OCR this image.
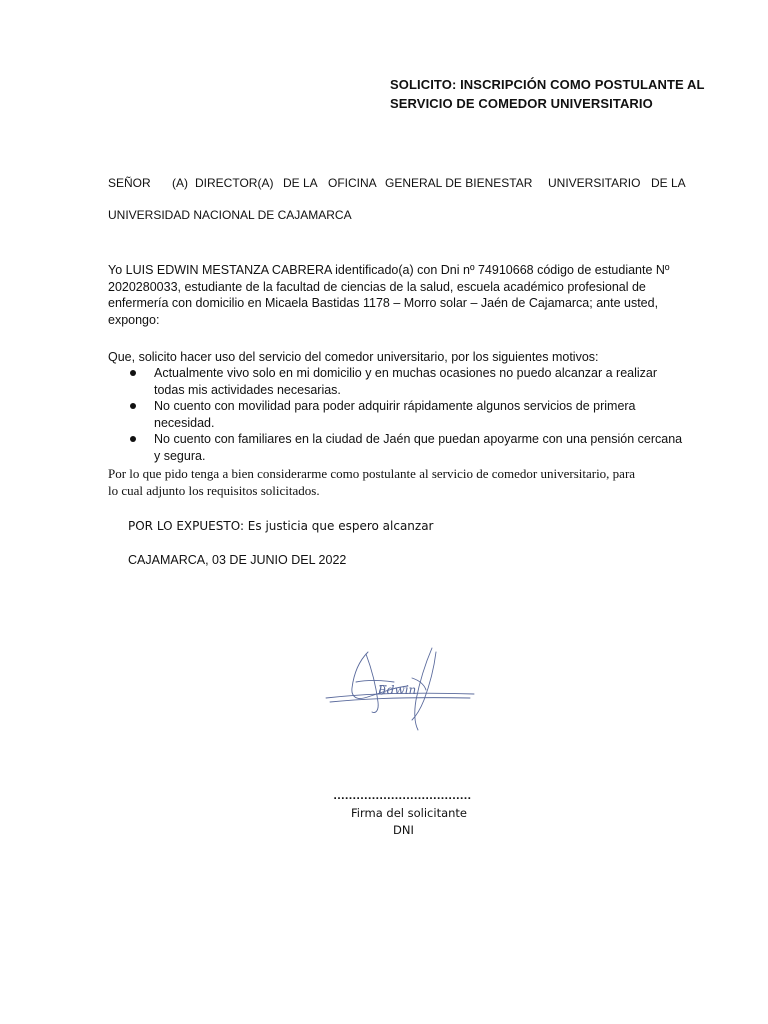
SOLICITO: INSCRIPCIÓN COMO POSTULANTE AL
SERVICIO DE COMEDOR UNIVERSITARIO
SEÑOR (A) DIRECTOR(A) DE LA OFICINA GENERAL DE BIENESTAR UNIVERSITARIO DE LA
UNIVERSIDAD NACIONAL DE CAJAMARCA
Yo LUIS EDWIN MESTANZA CABRERA identificado(a) con Dni nº 74910668 código de estudiante Nº
2020280033, estudiante de la facultad de ciencias de la salud, escuela académico profesional de
enfermería con domicilio en Micaela Bastidas 1178 – Morro solar – Jaén de Cajamarca; ante usted,
expongo:
Que, solicito hacer uso del servicio del comedor universitario, por los siguientes motivos:
Actualmente vivo solo en mi domicilio y en muchas ocasiones no puedo alcanzar a realizar
todas mis actividades necesarias.
No cuento con movilidad para poder adquirir rápidamente algunos servicios de primera
necesidad.
No cuento con familiares en la ciudad de Jaén que puedan apoyarme con una pensión cercana
y segura.
Por lo que pido tenga a bien considerarme como postulante al servicio de comedor universitario, para
lo cual adjunto los requisitos solicitados.
POR LO EXPUESTO: Es justicia que espero alcanzar
CAJAMARCA, 03 DE JUNIO DEL 2022
Edwin
………………………………
Firma del solicitante
DNI
